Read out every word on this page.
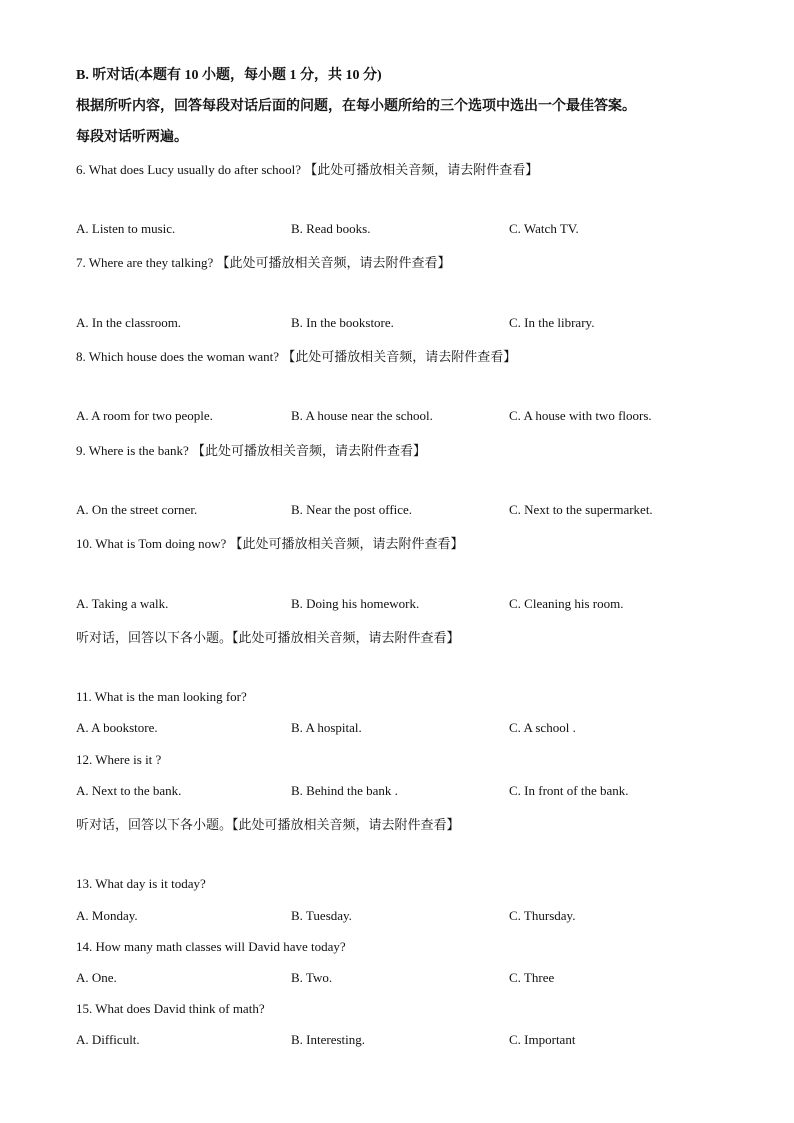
B. 听对话(本题有 10 小题，每小题 1 分，共 10 分)
根据所听内容，回答每段对话后面的问题，在每小题所给的三个选项中选出一个最佳答案。
每段对话听两遍。
6. What does Lucy usually do after school? 【此处可播放相关音频，请去附件查看】
A. Listen to music.	B. Read books.	C. Watch TV.
7. Where are they talking? 【此处可播放相关音频，请去附件查看】
A. In the classroom.	B. In the bookstore.	C. In the library.
8. Which house does the woman want? 【此处可播放相关音频，请去附件查看】
A. A room for two people.	B. A house near the school.	C. A house with two floors.
9. Where is the bank? 【此处可播放相关音频，请去附件查看】
A. On the street corner.	B. Near the post office.	C. Next to the supermarket.
10. What is Tom doing now? 【此处可播放相关音频，请去附件查看】
A. Taking a walk.	B. Doing his homework.	C. Cleaning his room.
听对话，回答以下各小题。【此处可播放相关音频，请去附件查看】
11. What is the man looking for?
A. A bookstore.	B. A hospital.	C. A school .
12. Where is it ?
A. Next to the bank.	B. Behind the bank .	C. In front of the bank.
听对话，回答以下各小题。【此处可播放相关音频，请去附件查看】
13. What day is it today?
A. Monday.	B. Tuesday.	C. Thursday.
14. How many math classes will David have today?
A. One.	B. Two.	C. Three
15. What does David think of math?
A. Difficult.	B. Interesting.	C. Important
